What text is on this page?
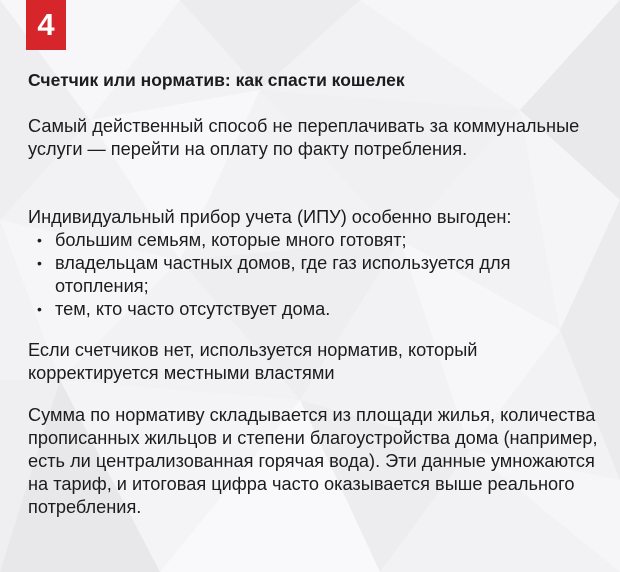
4
Счетчик или норматив: как спасти кошелек
Самый действенный способ не переплачивать за коммунальные услуги — перейти на оплату по факту потребления.
Индивидуальный прибор учета (ИПУ) особенно выгоден:
• большим семьям, которые много готовят;
• владельцам частных домов, где газ используется для отопления;
• тем, кто часто отсутствует дома.
Если счетчиков нет, используется норматив, который корректируется местными властями
Сумма по нормативу складывается из площади жилья, количества прописанных жильцов и степени благоустройства дома (например, есть ли централизованная горячая вода). Эти данные умножаются на тариф, и итоговая цифра часто оказывается выше реального потребления.
